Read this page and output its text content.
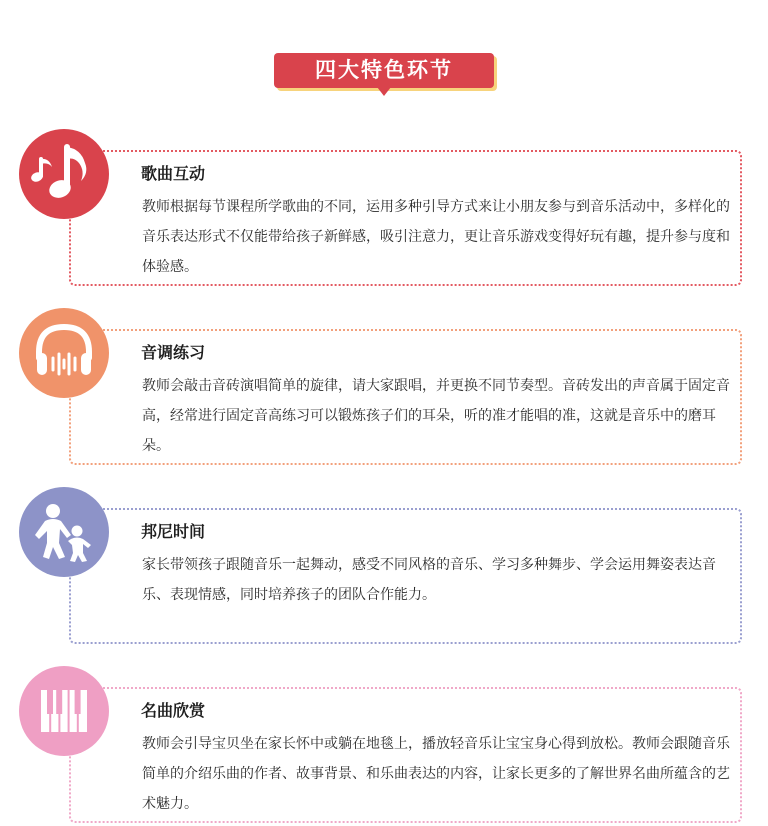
四大特色环节
歌曲互动
教师根据每节课程所学歌曲的不同，运用多种引导方式来让小朋友参与到音乐活动中，多样化的音乐表达形式不仅能带给孩子新鲜感，吸引注意力，更让音乐游戏变得好玩有趣，提升参与度和体验感。
音调练习
教师会敲击音砖演唱简单的旋律，请大家跟唱，并更换不同节奏型。音砖发出的声音属于固定音高，经常进行固定音高练习可以锻炼孩子们的耳朵，听的准才能唱的准，这就是音乐中的磨耳朵。
邦尼时间
家长带领孩子跟随音乐一起舞动，感受不同风格的音乐、学习多种舞步、学会运用舞姿表达音乐、表现情感，同时培养孩子的团队合作能力。
名曲欣赏
教师会引导宝贝坐在家长怀中或躺在地毯上，播放轻音乐让宝宝身心得到放松。教师会跟随音乐简单的介绍乐曲的作者、故事背景、和乐曲表达的内容，让家长更多的了解世界名曲所蕴含的艺术魅力。
